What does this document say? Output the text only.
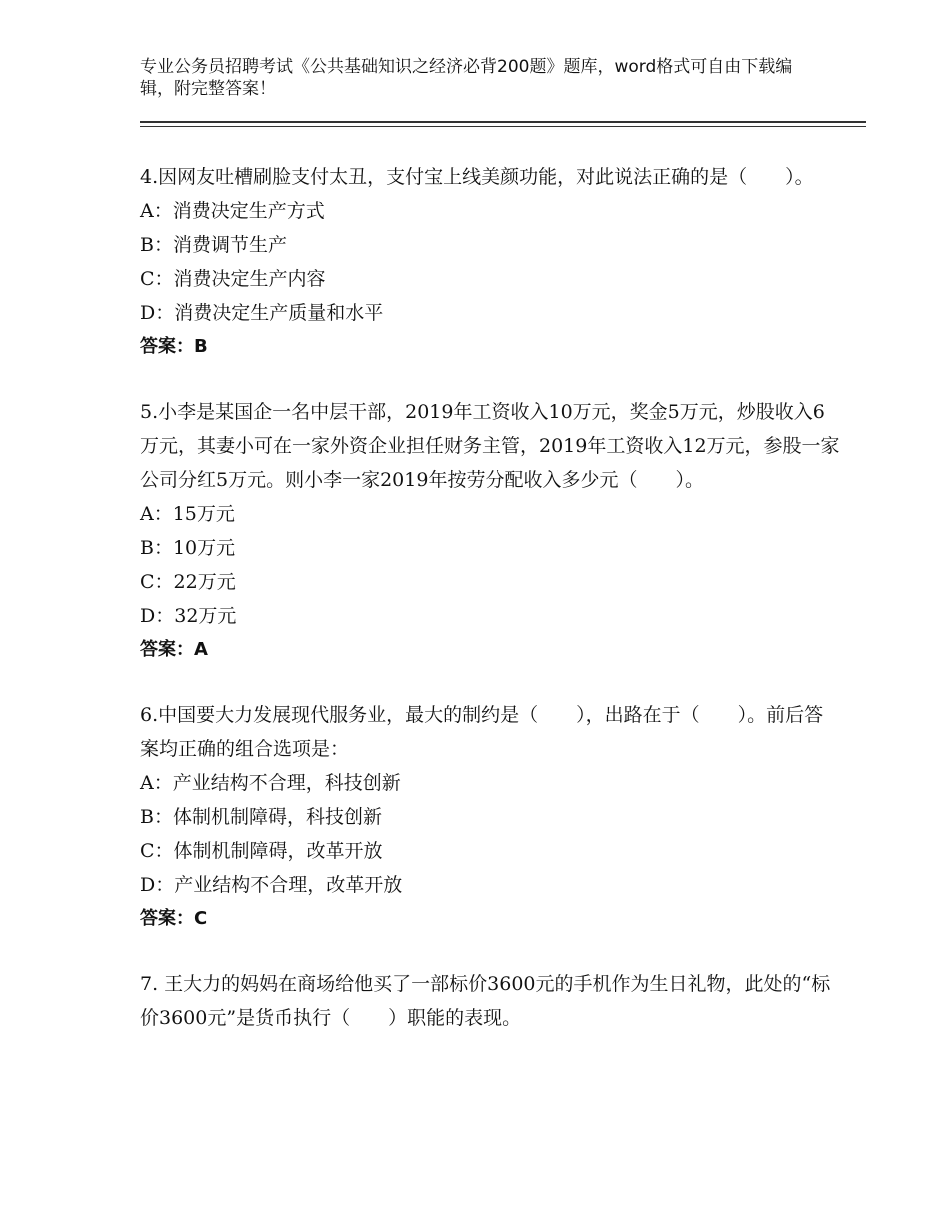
专业公务员招聘考试《公共基础知识之经济必背200题》题库，word格式可自由下载编辑，附完整答案！

4.因网友吐槽刷脸支付太丑，支付宝上线美颜功能，对此说法正确的是（　　）。

A：消费决定生产方式

B：消费调节生产

C：消费决定生产内容

D：消费决定生产质量和水平

答案：B

5.小李是某国企一名中层干部，2019年工资收入10万元，奖金5万元，炒股收入6万元，其妻小可在一家外资企业担任财务主管，2019年工资收入12万元，参股一家公司分红5万元。则小李一家2019年按劳分配收入多少元（　　）。

A：15万元

B：10万元

C：22万元

D：32万元

答案：A

6.中国要大力发展现代服务业，最大的制约是（　　），出路在于（　　）。前后答案均正确的组合选项是：

A：产业结构不合理，科技创新

B：体制机制障碍，科技创新

C：体制机制障碍，改革开放

D：产业结构不合理，改革开放

答案：C

7. 王大力的妈妈在商场给他买了一部标价3600元的手机作为生日礼物，此处的“标价3600元”是货币执行（　　）职能的表现。
